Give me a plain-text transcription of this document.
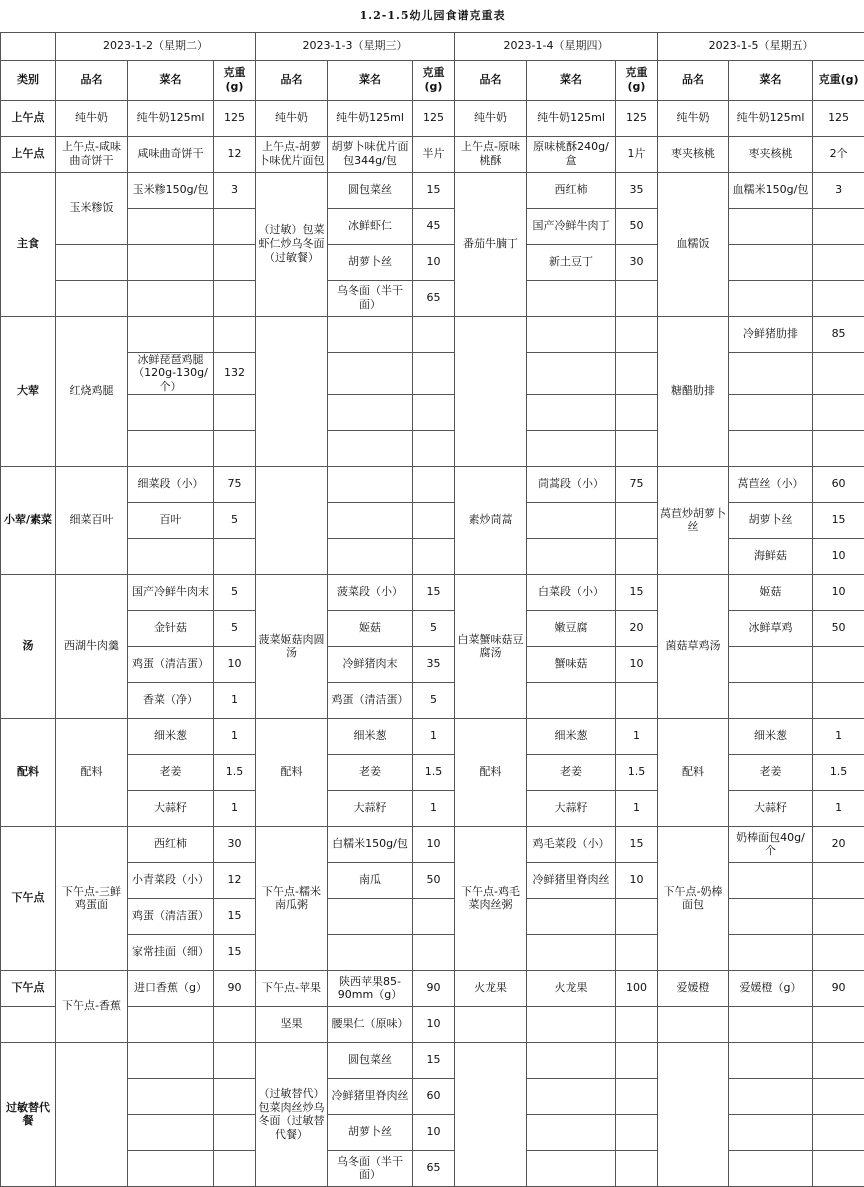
1.2-1.5幼儿园食谱克重表												
	2023-1-2（星期二）			2023-1-3（星期三）			2023-1-4（星期四）			2023-1-5（星期五）		
类别	品名	菜名	克重(g)	品名	菜名	克重(g)	品名	菜名	克重(g)	品名	菜名	克重(g)
上午点	纯牛奶	纯牛奶125ml	125	纯牛奶	纯牛奶125ml	125	纯牛奶	纯牛奶125ml	125	纯牛奶	纯牛奶125ml	125
上午点	上午点-咸味曲奇饼干	咸味曲奇饼干	12	上午点-胡萝卜味优片面包	胡萝卜味优片面包344g/包	半片	上午点-原味桃酥	原味桃酥240g/盒	1片	枣夹核桃	枣夹核桃	2个
主食	玉米糁饭	玉米糁150g/包	3	（过敏）包菜虾仁炒乌冬面（过敏餐）	圆包菜丝	15	番茄牛腩丁	西红柿	35	血糯饭	血糯米150g/包	3
					冰鲜虾仁	45		国产冷鲜牛肉丁	50			
					胡萝卜丝	10		新土豆丁	30			
					乌冬面（半干面）	65						
大荤	红烧鸡腿									糖醋肋排	冷鲜猪肋排	85
		冰鲜琵琶鸡腿（120g-130g/个）	132									

小荤/素菜	细菜百叶	细菜段（小）	75				素炒茼蒿	茼蒿段（小）	75	莴苣炒胡萝卜丝	莴苣丝（小）	60
		百叶	5								胡萝卜丝	15
											海鲜菇	10
汤	西湖牛肉羹	国产冷鲜牛肉末	5	菠菜姬菇肉圆汤	菠菜段（小）	15	白菜蟹味菇豆腐汤	白菜段（小）	15	菌菇草鸡汤	姬菇	10
		金针菇	5		姬菇	5		嫩豆腐	20		冰鲜草鸡	50
		鸡蛋（清洁蛋）	10		冷鲜猪肉末	35		蟹味菇	10			
		香菜（净）	1		鸡蛋（清洁蛋）	5						
配料	配料	细米葱	1	配料	细米葱	1	配料	细米葱	1	配料	细米葱	1
		老姜	1.5		老姜	1.5		老姜	1.5		老姜	1.5
		大蒜籽	1		大蒜籽	1		大蒜籽	1		大蒜籽	1
下午点	下午点-三鲜鸡蛋面	西红柿	30	下午点-糯米南瓜粥	白糯米150g/包	10	下午点-鸡毛菜肉丝粥	鸡毛菜段（小）	15	下午点-奶棒面包	奶棒面包40g/个	20
		小青菜段（小）	12		南瓜	50		冷鲜猪里脊肉丝	10			
		鸡蛋（清洁蛋）	15									
		家常挂面（细）	15									
下午点	下午点-香蕉	进口香蕉（g）	90	下午点-苹果	陕西苹果85-90mm（g）	90	火龙果	火龙果	100	爱媛橙	爱媛橙（g）	90
				坚果	腰果仁（原味）	10						
过敏替代餐				（过敏替代）包菜肉丝炒乌冬面（过敏替代餐）	圆包菜丝	15						
					冷鲜猪里脊肉丝	60						
					胡萝卜丝	10						
					乌冬面（半干面）	65						
